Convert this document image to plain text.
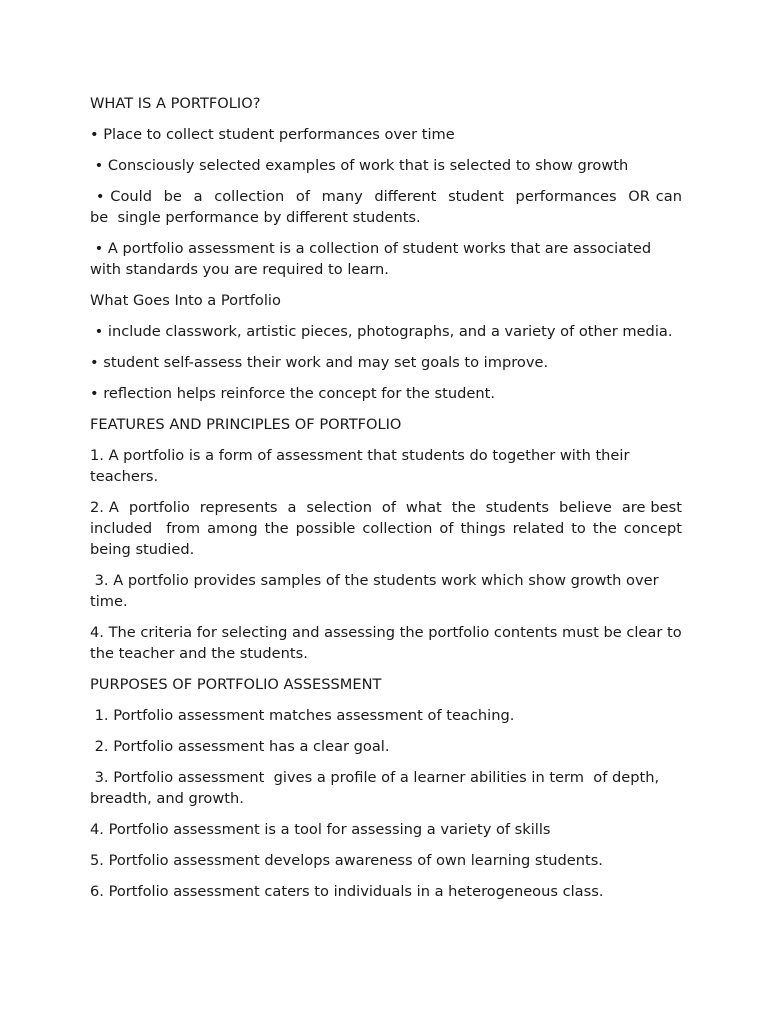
WHAT IS A PORTFOLIO?

• Place to collect student performances over time

• Consciously selected examples of work that is selected to show growth

• Could  be  a  collection  of  many  different  student  performances  OR can  be  single performance by different students.

• A portfolio assessment is a collection of student works that are associated with standards you are required to learn.

What Goes Into a Portfolio

• include classwork, artistic pieces, photographs, and a variety of other media.

• student self-assess their work and may set goals to improve.

• reflection helps reinforce the concept for the student.

FEATURES AND PRINCIPLES OF PORTFOLIO

1. A portfolio is a form of assessment that students do together with their teachers.

2. A  portfolio  represents  a  selection  of  what  the  students  believe  are best  included  from among the possible collection of things related to the concept being studied.

3. A portfolio provides samples of the students work which show growth over time.

4. The criteria for selecting and assessing the portfolio contents must be clear to the teacher and the students.

PURPOSES OF PORTFOLIO ASSESSMENT

1. Portfolio assessment matches assessment of teaching.

2. Portfolio assessment has a clear goal.

3. Portfolio assessment  gives a profile of a learner abilities in term  of depth, breadth, and growth.

4. Portfolio assessment is a tool for assessing a variety of skills

5. Portfolio assessment develops awareness of own learning students.

6. Portfolio assessment caters to individuals in a heterogeneous class.
